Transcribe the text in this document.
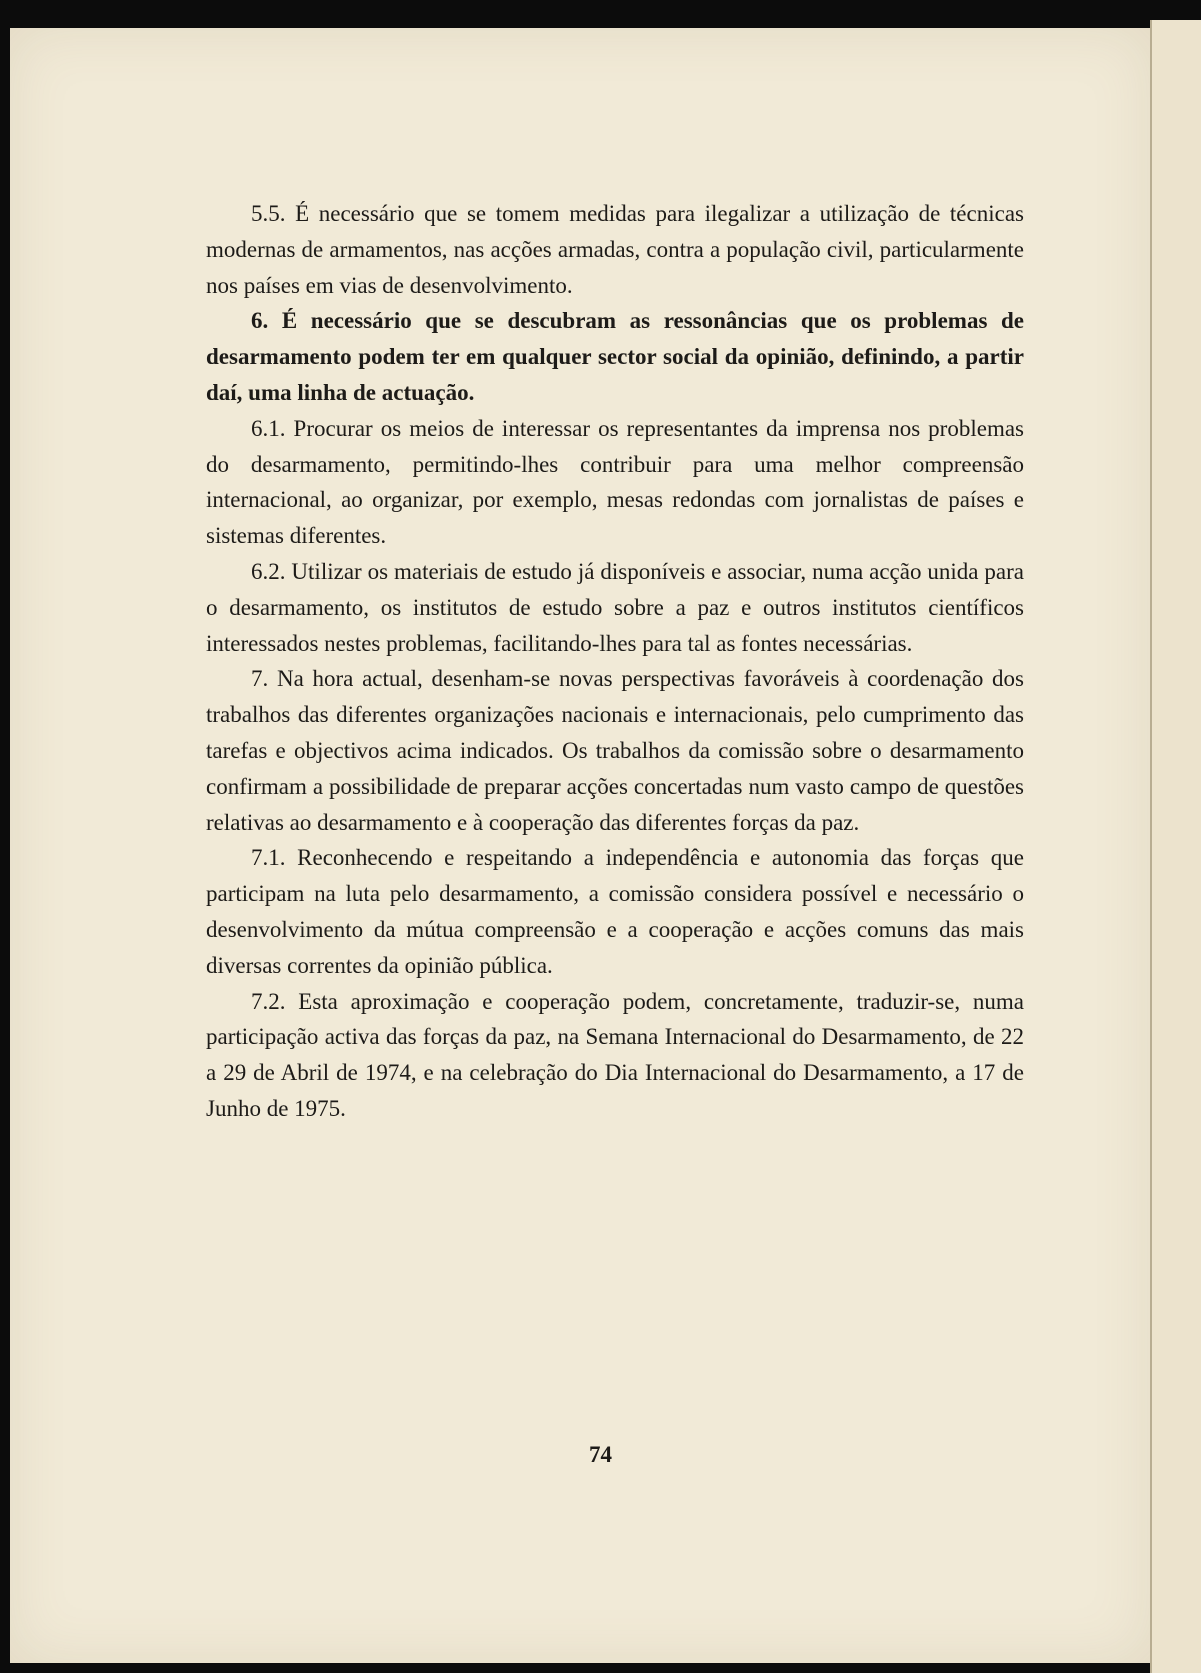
5.5. É necessário que se tomem medidas para ilegalizar a utilização de técnicas modernas de armamentos, nas acções armadas, contra a população civil, particularmente nos países em vias de desenvolvimento.

6. É necessário que se descubram as ressonâncias que os problemas de desarmamento podem ter em qualquer sector social da opinião, definindo, a partir daí, uma linha de actuação.

6.1. Procurar os meios de interessar os representantes da imprensa nos problemas do desarmamento, permitindo-lhes contribuir para uma melhor compreensão internacional, ao organizar, por exemplo, mesas redondas com jornalistas de países e sistemas diferentes.

6.2. Utilizar os materiais de estudo já disponíveis e associar, numa acção unida para o desarmamento, os institutos de estudo sobre a paz e outros institutos científicos interessados nestes problemas, facilitando-lhes para tal as fontes necessárias.

7. Na hora actual, desenham-se novas perspectivas favoráveis à coordenação dos trabalhos das diferentes organizações nacionais e internacionais, pelo cumprimento das tarefas e objectivos acima indicados. Os trabalhos da comissão sobre o desarmamento confirmam a possibilidade de preparar acções concertadas num vasto campo de questões relativas ao desarmamento e à cooperação das diferentes forças da paz.

7.1. Reconhecendo e respeitando a independência e autonomia das forças que participam na luta pelo desarmamento, a comissão considera possível e necessário o desenvolvimento da mútua compreensão e a cooperação e acções comuns das mais diversas correntes da opinião pública.

7.2. Esta aproximação e cooperação podem, concretamente, traduzir-se, numa participação activa das forças da paz, na Semana Internacional do Desarmamento, de 22 a 29 de Abril de 1974, e na celebração do Dia Internacional do Desarmamento, a 17 de Junho de 1975.

74
